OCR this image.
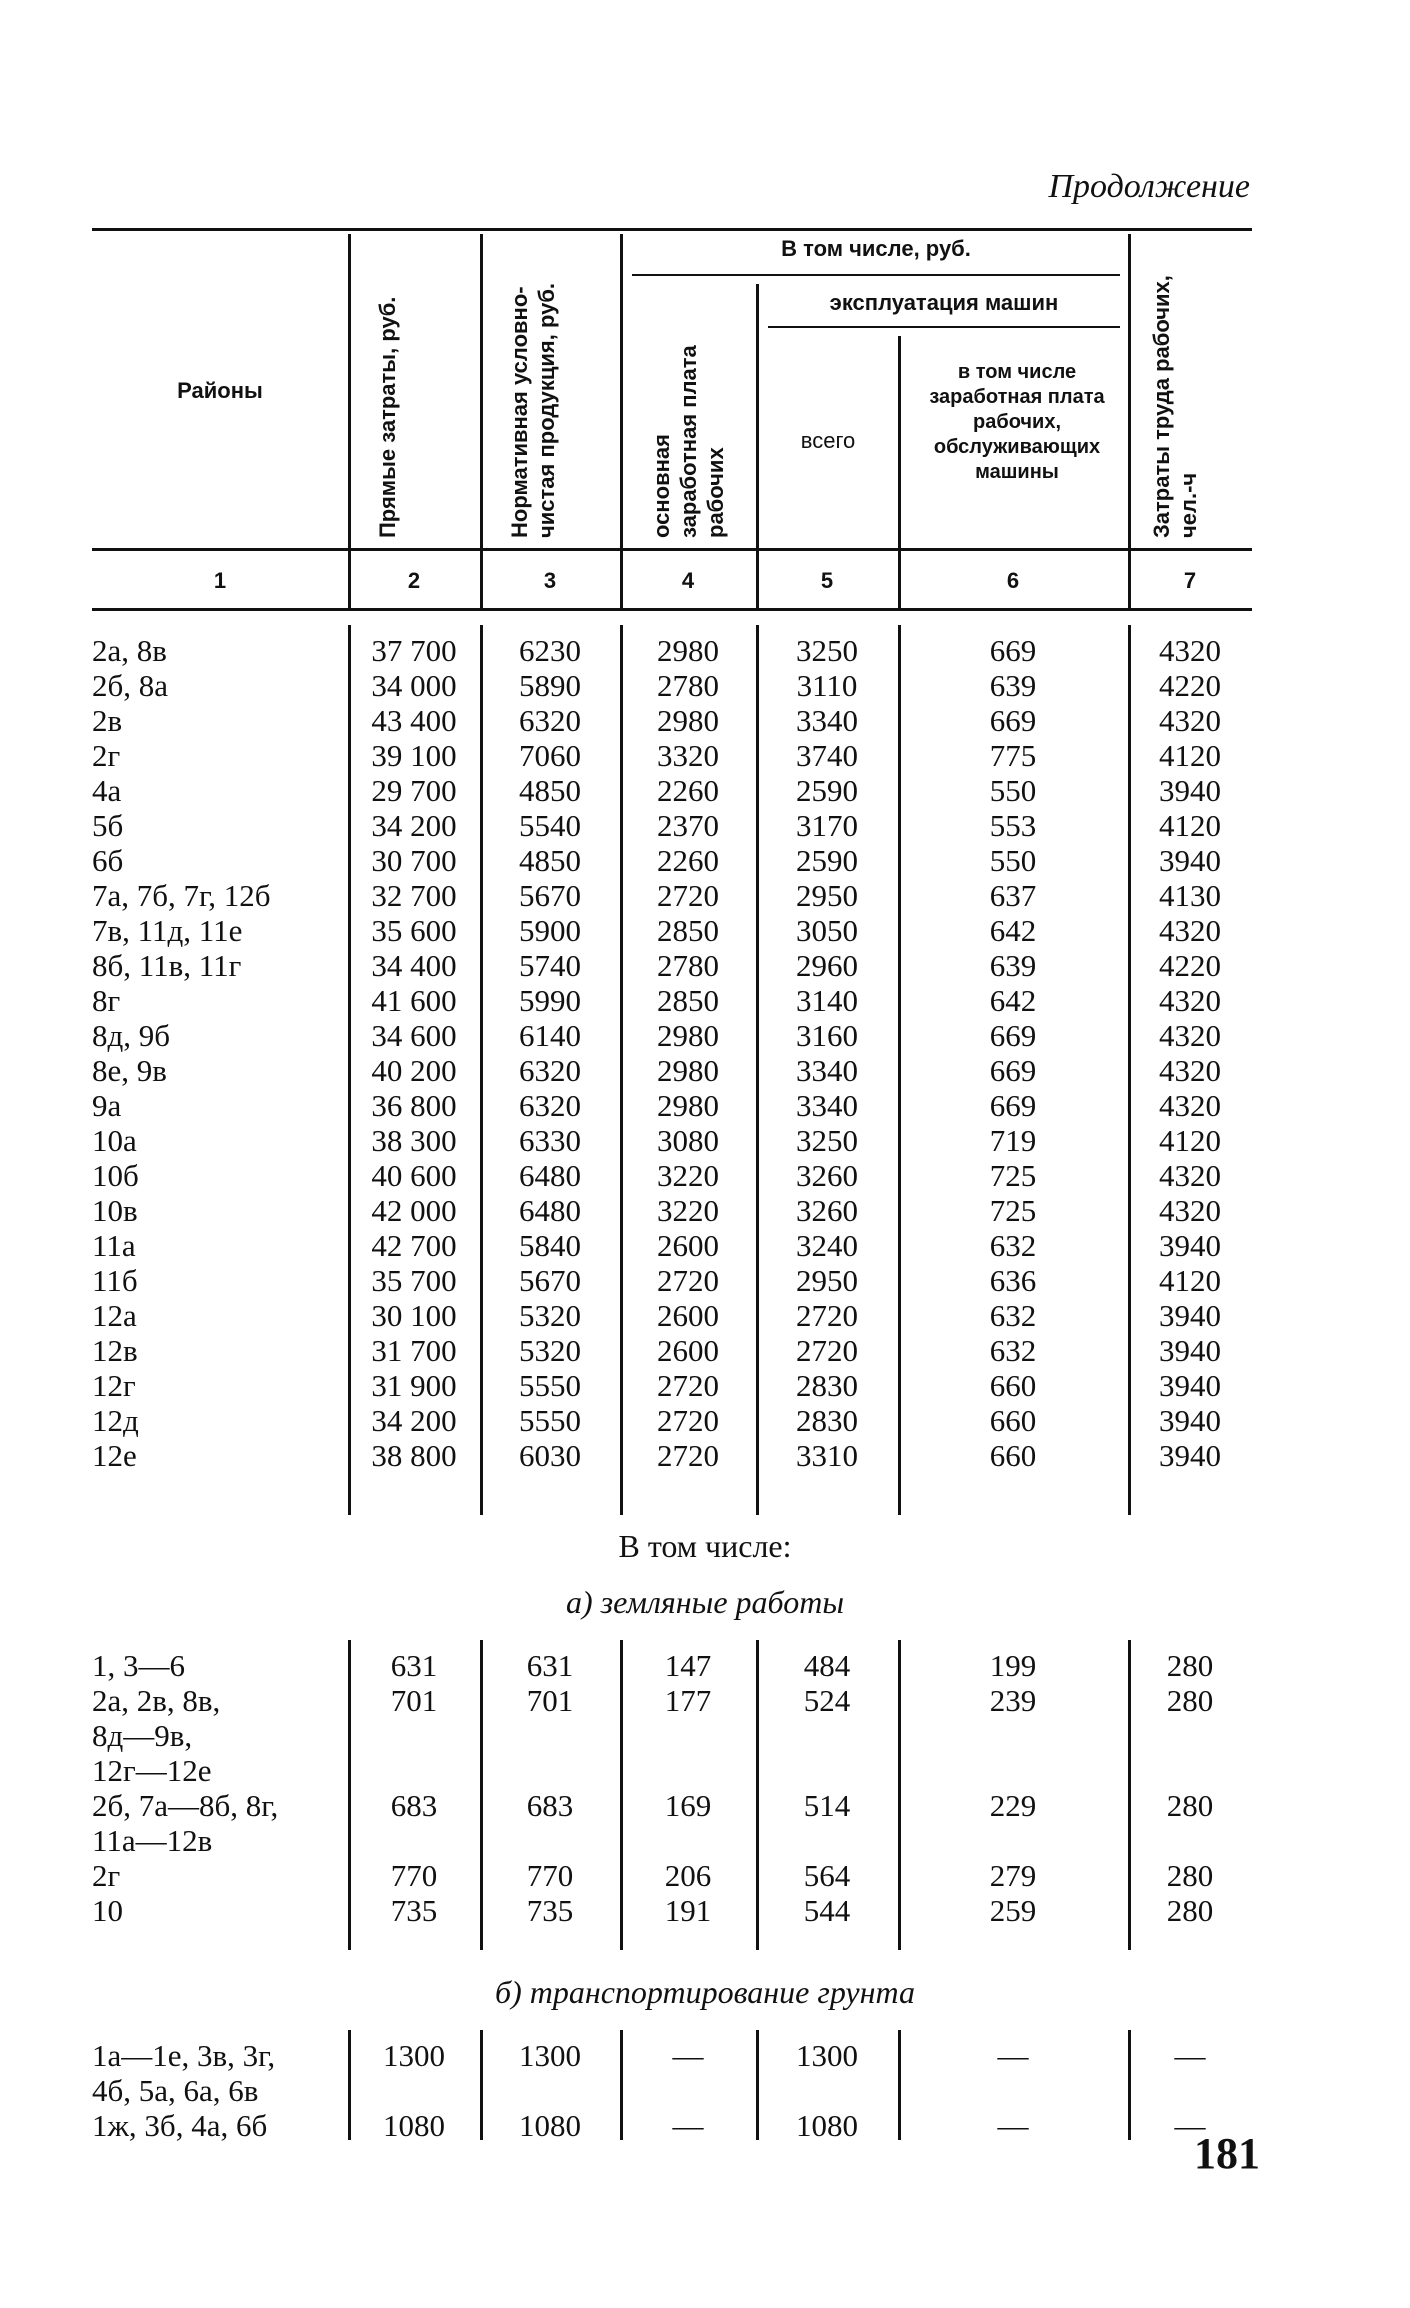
Продолжение
Районы	Прямые затраты, руб.	Нормативная условно-чистая продукция, руб.
В том числе, руб.
основная заработная плата рабочих
эксплуатация машин
всего
в том числе заработная плата рабочих, обслуживающих машины	Затраты труда рабочих, чел.-ч
1	2	3	4	5	6	7
2а, 8в	37 700	6230	2980	3250	669	4320
2б, 8а	34 000	5890	2780	3110	639	4220
2в	43 400	6320	2980	3340	669	4320
2г	39 100	7060	3320	3740	775	4120
4а	29 700	4850	2260	2590	550	3940
5б	34 200	5540	2370	3170	553	4120
6б	30 700	4850	2260	2590	550	3940
7а, 7б, 7г, 12б	32 700	5670	2720	2950	637	4130
7в, 11д, 11е	35 600	5900	2850	3050	642	4320
8б, 11в, 11г	34 400	5740	2780	2960	639	4220
8г	41 600	5990	2850	3140	642	4320
8д, 9б	34 600	6140	2980	3160	669	4320
8е, 9в	40 200	6320	2980	3340	669	4320
9а	36 800	6320	2980	3340	669	4320
10а	38 300	6330	3080	3250	719	4120
10б	40 600	6480	3220	3260	725	4320
10в	42 000	6480	3220	3260	725	4320
11а	42 700	5840	2600	3240	632	3940
11б	35 700	5670	2720	2950	636	4120
12а	30 100	5320	2600	2720	632	3940
12в	31 700	5320	2600	2720	632	3940
12г	31 900	5550	2720	2830	660	3940
12д	34 200	5550	2720	2830	660	3940
12е	38 800	6030	2720	3310	660	3940
В том числе:
а) земляные работы
1, 3—6	631	631	147	484	199	280
2а, 2в, 8в,	701	701	177	524	239	280
8д—9в,
12г—12е
2б, 7а—8б, 8г,	683	683	169	514	229	280
11а—12в
2г	770	770	206	564	279	280
10	735	735	191	544	259	280
б) транспортирование грунта
1а—1е, 3в, 3г,	1300	1300	—	1300	—	—
4б, 5а, 6а, 6в
1ж, 3б, 4а, 6б	1080	1080	—	1080	—	—
181
